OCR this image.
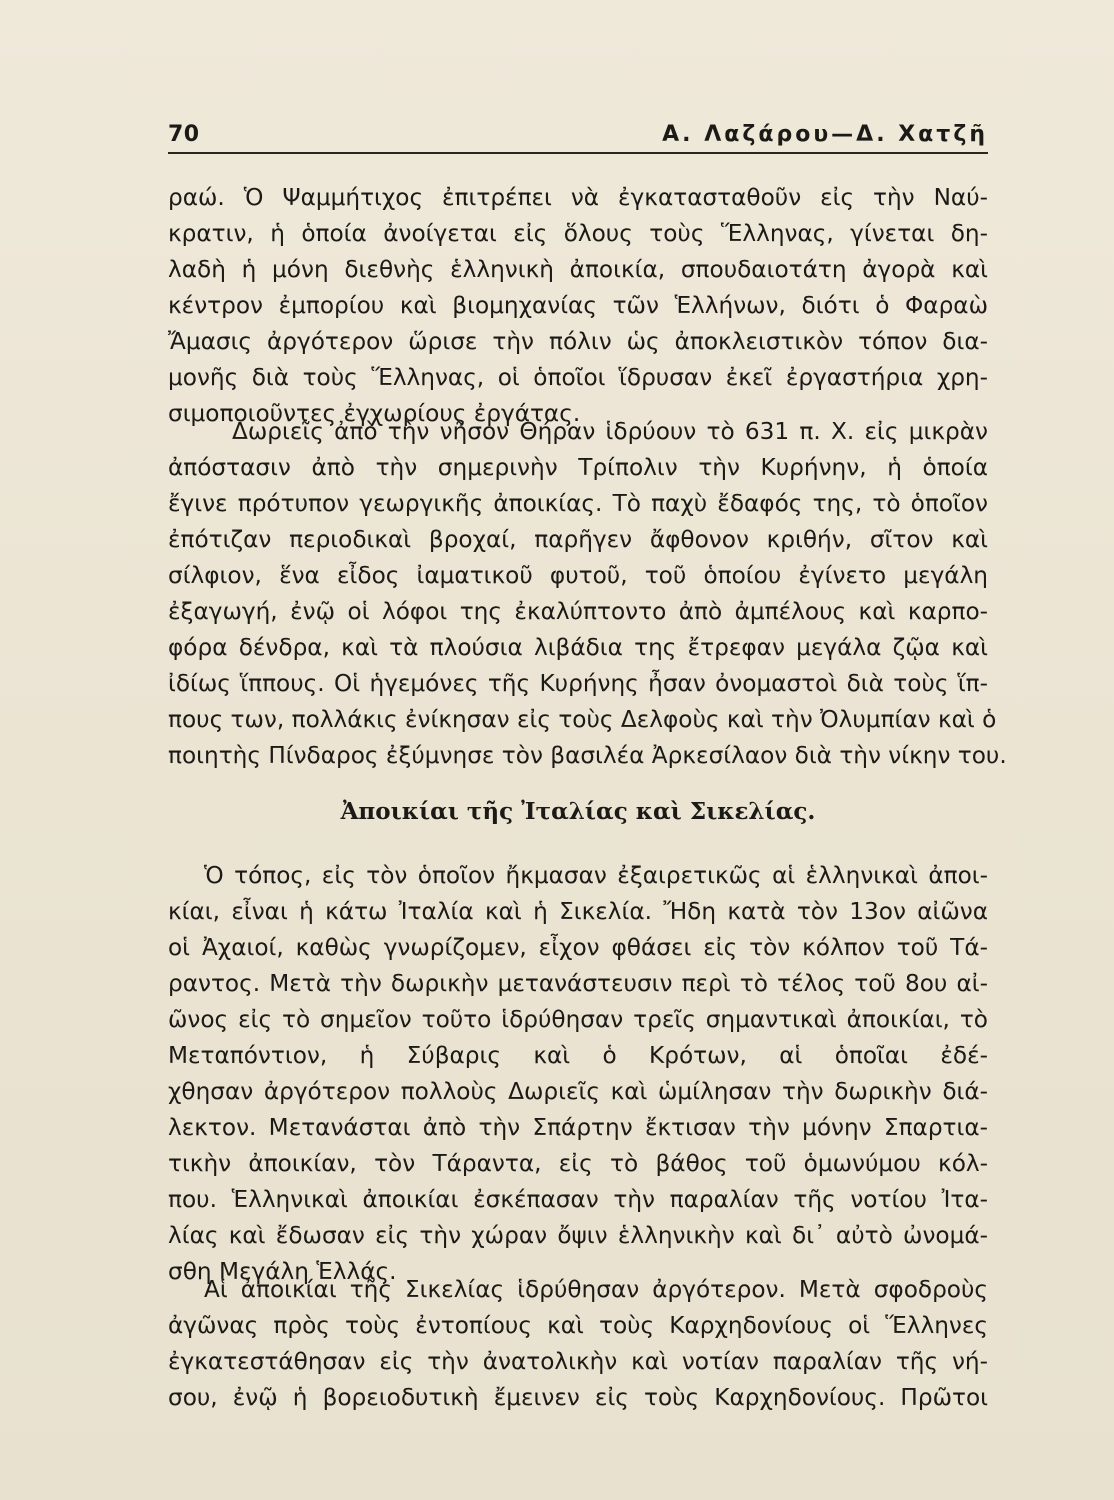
70	Α. Λαζάρου—Δ. Χατζῆ
ραώ. Ὁ Ψαμμήτιχος ἐπιτρέπει νὰ ἐγκατασταθοῦν εἰς τὴν Ναύ-
κρατιν, ἡ ὁποία ἀνοίγεται εἰς ὅλους τοὺς Ἕλληνας, γίνεται δη-
λαδὴ ἡ μόνη διεθνὴς ἑλληνικὴ ἀποικία, σπουδαιοτάτη ἀγορὰ καὶ
κέντρον ἐμπορίου καὶ βιομηχανίας τῶν Ἑλλήνων, διότι ὁ Φαραὼ
Ἄμασις ἀργότερον ὥρισε τὴν πόλιν ὡς ἀποκλειστικὸν τόπον δια-
μονῆς διὰ τοὺς Ἕλληνας, οἱ ὁποῖοι ἵδρυσαν ἐκεῖ ἐργαστήρια χρη-
σιμοποιοῦντες ἐγχωρίους ἐργάτας.
Δωριεῖς ἀπὸ τὴν νῆσον Θήραν ἱδρύουν τὸ 631 π. Χ. εἰς μικρὰν
ἀπόστασιν ἀπὸ τὴν σημερινὴν Τρίπολιν τὴν Κυρήνην, ἡ ὁποία
ἔγινε πρότυπον γεωργικῆς ἀποικίας. Τὸ παχὺ ἔδαφός της, τὸ ὁποῖον
ἐπότιζαν περιοδικαὶ βροχαί, παρῆγεν ἄφθονον κριθήν, σῖτον καὶ
σίλφιον, ἕνα εἶδος ἰαματικοῦ φυτοῦ, τοῦ ὁποίου ἐγίνετο μεγάλη
ἐξαγωγή, ἐνῷ οἱ λόφοι της ἐκαλύπτοντο ἀπὸ ἀμπέλους καὶ καρπο-
φόρα δένδρα, καὶ τὰ πλούσια λιβάδια της ἔτρεφαν μεγάλα ζῷα καὶ
ἰδίως ἵππους. Οἱ ἡγεμόνες τῆς Κυρήνης ἦσαν ὀνομαστοὶ διὰ τοὺς ἵπ-
πους των, πολλάκις ἐνίκησαν εἰς τοὺς Δελφοὺς καὶ τὴν Ὀλυμπίαν καὶ ὁ
ποιητὴς Πίνδαρος ἐξύμνησε τὸν βασιλέα Ἀρκεσίλαον διὰ τὴν νίκην του.
Ἀποικίαι τῆς Ἰταλίας καὶ Σικελίας.
Ὁ τόπος, εἰς τὸν ὁποῖον ἤκμασαν ἐξαιρετικῶς αἱ ἑλληνικαὶ ἀποι-
κίαι, εἶναι ἡ κάτω Ἰταλία καὶ ἡ Σικελία. Ἤδη κατὰ τὸν 13ον αἰῶνα
οἱ Ἀχαιοί, καθὼς γνωρίζομεν, εἶχον φθάσει εἰς τὸν κόλπον τοῦ Τά-
ραντος. Μετὰ τὴν δωρικὴν μετανάστευσιν περὶ τὸ τέλος τοῦ 8ου αἰ-
ῶνος εἰς τὸ σημεῖον τοῦτο ἱδρύθησαν τρεῖς σημαντικαὶ ἀποικίαι, τὸ
Μεταπόντιον, ἡ Σύβαρις καὶ ὁ Κρότων, αἱ ὁποῖαι ἐδέ-
χθησαν ἀργότερον πολλοὺς Δωριεῖς καὶ ὡμίλησαν τὴν δωρικὴν διά-
λεκτον. Μετανάσται ἀπὸ τὴν Σπάρτην ἔκτισαν τὴν μόνην Σπαρτια-
τικὴν ἀποικίαν, τὸν Τάραντα, εἰς τὸ βάθος τοῦ ὁμωνύμου κόλ-
που. Ἑλληνικαὶ ἀποικίαι ἐσκέπασαν τὴν παραλίαν τῆς νοτίου Ἰτα-
λίας καὶ ἔδωσαν εἰς τὴν χώραν ὄψιν ἑλληνικὴν καὶ δι᾿ αὐτὸ ὠνομά-
σθη Μεγάλη Ἑλλάς.
Αἱ ἀποικίαι τῆς Σικελίας ἱδρύθησαν ἀργότερον. Μετὰ σφοδροὺς
ἀγῶνας πρὸς τοὺς ἐντοπίους καὶ τοὺς Καρχηδονίους οἱ Ἕλληνες
ἐγκατεστάθησαν εἰς τὴν ἀνατολικὴν καὶ νοτίαν παραλίαν τῆς νή-
σου, ἐνῷ ἡ βορειοδυτικὴ ἔμεινεν εἰς τοὺς Καρχηδονίους. Πρῶτοι
